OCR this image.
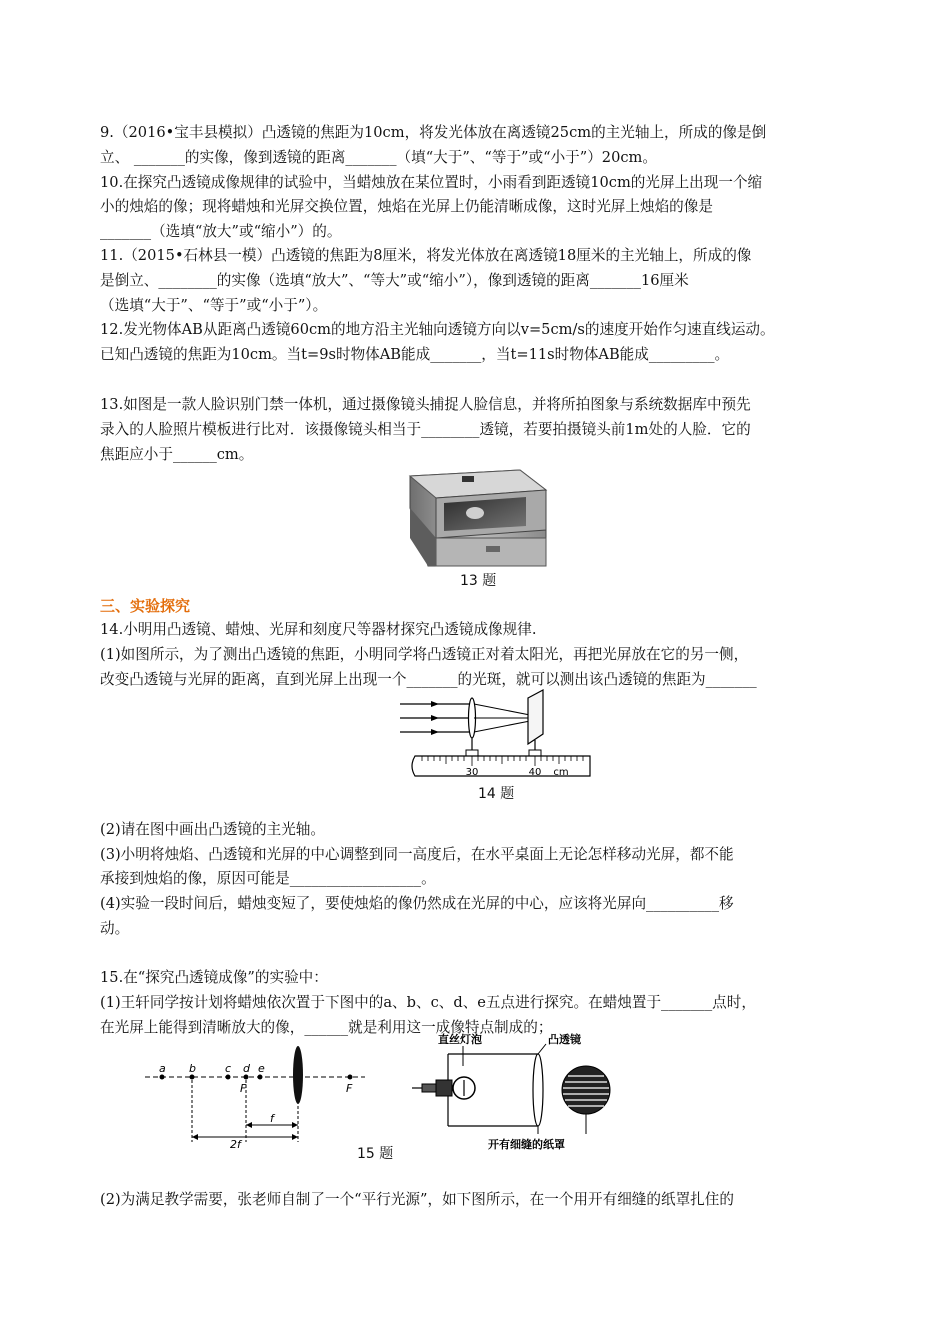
9.（2016•宝丰县模拟）凸透镜的焦距为10cm，将发光体放在离透镜25cm的主光轴上，所成的像是倒
立、 _______的实像，像到透镜的距离_______（填“大于”、“等于”或“小于”）20cm。
10.在探究凸透镜成像规律的试验中，当蜡烛放在某位置时，小雨看到距透镜10cm的光屏上出现一个缩
小的烛焰的像；现将蜡烛和光屏交换位置，烛焰在光屏上仍能清晰成像，这时光屏上烛焰的像是
_______（选填“放大”或“缩小”）的。
11.（2015•石林县一模）凸透镜的焦距为8厘米，将发光体放在离透镜18厘米的主光轴上，所成的像
是倒立、________的实像（选填“放大”、“等大”或“缩小”），像到透镜的距离_______16厘米
（选填“大于”、“等于”或“小于”）。
12.发光物体AB从距离凸透镜60cm的地方沿主光轴向透镜方向以v=5cm/s的速度开始作匀速直线运动。
已知凸透镜的焦距为10cm。当t=9s时物体AB能成_______，当t=11s时物体AB能成_________。
13.如图是一款人脸识别门禁一体机，通过摄像镜头捕捉人脸信息，并将所拍图象与系统数据库中预先
录入的人脸照片模板进行比对．该摄像镜头相当于________透镜，若要拍摄镜头前1m处的人脸．它的
焦距应小于______cm。
13 题
三、实验探究
14.小明用凸透镜、蜡烛、光屏和刻度尺等器材探究凸透镜成像规律.
(1)如图所示，为了测出凸透镜的焦距，小明同学将凸透镜正对着太阳光，再把光屏放在它的另一侧，
改变凸透镜与光屏的距离，直到光屏上出现一个_______的光斑，就可以测出该凸透镜的焦距为_______
30	40 cm
14 题
(2)请在图中画出凸透镜的主光轴。
(3)小明将烛焰、凸透镜和光屏的中心调整到同一高度后，在水平桌面上无论怎样移动光屏，都不能
承接到烛焰的像，原因可能是__________________。
(4)实验一段时间后，蜡烛变短了，要使烛焰的像仍然成在光屏的中心，应该将光屏向__________移
动。
15.在“探究凸透镜成像”的实验中：
(1)王轩同学按计划将蜡烛依次置于下图中的a、b、c、d、e五点进行探究。在蜡烛置于_______点时，
在光屏上能得到清晰放大的像，______就是利用这一成像特点制成的；
a b	c d e
F	F
2f
f
直丝灯泡	凸透镜
开有细缝的纸罩
15 题
(2)为满足教学需要，张老师自制了一个“平行光源”，如下图所示，在一个用开有细缝的纸罩扎住的
